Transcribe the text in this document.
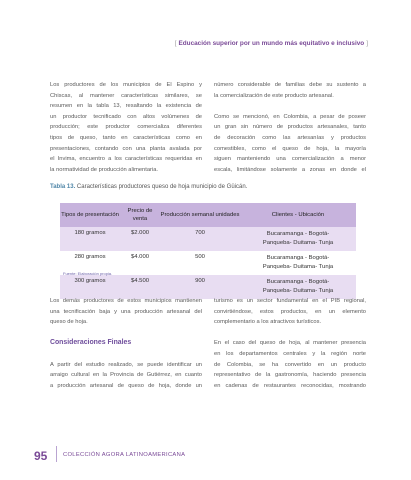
[ Educación superior por un mundo más equitativo e inclusivo ]

Los productores de los municipios de El Espino y
Chiscas, al mantener características similares, se
resumen en la tabla 13, resaltando la existencia de
un productor tecnificado con altos volúmenes de
producción; este productor comercializa diferentes
tipos de queso, tanto en características como en
presentaciones, contando con una planta avalada por
el Invima, encuentro a los características requeridas en
la normatividad de producción alimentaria.

número considerable de familias debe su sustento a
la comercialización de este producto artesanal.

Como se mencionó, en Colombia, a pesar de poseer
un gran sin número de productos artesanales, tanto
de decoración como las artesanías y productos
comestibles, como el queso de hoja, la mayoría
siguen manteniendo una comercialización a menor
escala, limitándose solamente a zonas en donde el

Tabla 13. Características productores queso de hoja municipio de Güicán.
Tipos de presentación	Precio de venta	Producción semanal unidades	Clientes - Ubicación
180 gramos	$2.000	700	Bucaramanga - Bogotá-
Panqueba- Duitama- Tunja
280 gramos	$4.000	500	Bucaramanga - Bogotá-
Panqueba- Duitama- Tunja
300 gramos	$4.500	900	Bucaramanga - Bogotá-
Panqueba- Duitama- Tunja
Fuente: Elaboración propia.

Los demás productores de estos municipios mantienen
una tecnificación baja y una producción artesanal del
queso de hoja.

Consideraciones Finales
A partir del estudio realizado, se puede identificar un
arraigo cultural en la Provincia de Gutiérrez, en cuanto
a producción artesanal de queso de hoja, donde un

turismo es un sector fundamental en el PIB regional,
convirtiéndose, estos productos, en un elemento
complementario a los atractivos turísticos.

En el caso del queso de hoja, al mantener presencia
en los departamentos centrales y la región norte
de Colombia, se ha convertido en un producto
representativo de la gastronomía, haciendo presencia
en cadenas de restaurantes reconocidas, mostrando

95	COLECCIÓN AGORA LATINOAMERICANA
